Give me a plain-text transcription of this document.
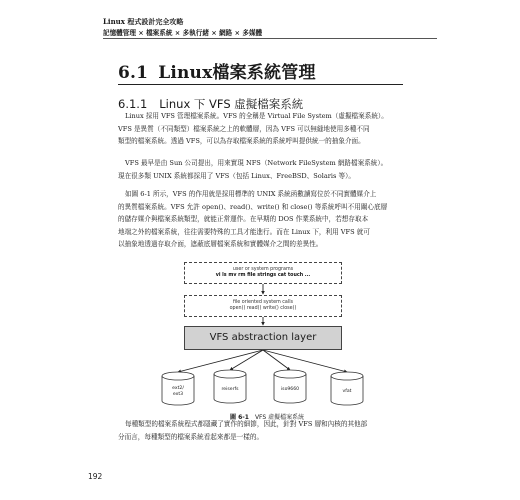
Linux 程式設計完全攻略
記憶體管理 × 檔案系統 × 多執行緒 × 網路 × 多媒體
6.1 Linux檔案系統管理
6.1.1 Linux 下 VFS 虛擬檔案系統
Linux 採用 VFS 管理檔案系統。VFS 的全稱是 Virtual File System（虛擬檔案系統）。
VFS 是異質（不同類型）檔案系統之上的軟體層，因為 VFS 可以無縫地使用多種不同
類型的檔案系統。透過 VFS，可以為存取檔案系統的系統呼叫提供統一的抽象介面。
VFS 最早是由 Sun 公司提出，用來實現 NFS（Network FileSystem 網路檔案系統）。
現在很多類 UNIX 系統都採用了 VFS（包括 Linux、FreeBSD、Solaris 等）。
如圖 6-1 所示，VFS 的作用就是採用標準的 UNIX 系統函數讀寫位於不同實體媒介上
的異質檔案系統。VFS 允許 open()、read()、write() 和 close() 等系統呼叫不用關心底層
的儲存媒介與檔案系統類型，就能正常運作。在早期的 DOS 作業系統中，若想存取本
地端之外的檔案系統，往往需要特殊的工具才能進行。而在 Linux 下，利用 VFS 就可
以抽象地透過存取介面，遮蔽底層檔案系統和實體媒介之間的差異性。
user or system programs
vi ls mv rm file strings cat touch ...
file oriented system calls
open() read() write() close()
VFS abstraction layer
ext2/
ext3
reiserfs	iso9660	vfat
圖 6-1 VFS 虛擬檔案系統
每種類型的檔案系統程式都隱藏了實作的細節，因此，針對 VFS 層和內核的其他部
分而言，每種類型的檔案系統看起來都是一樣的。
192
